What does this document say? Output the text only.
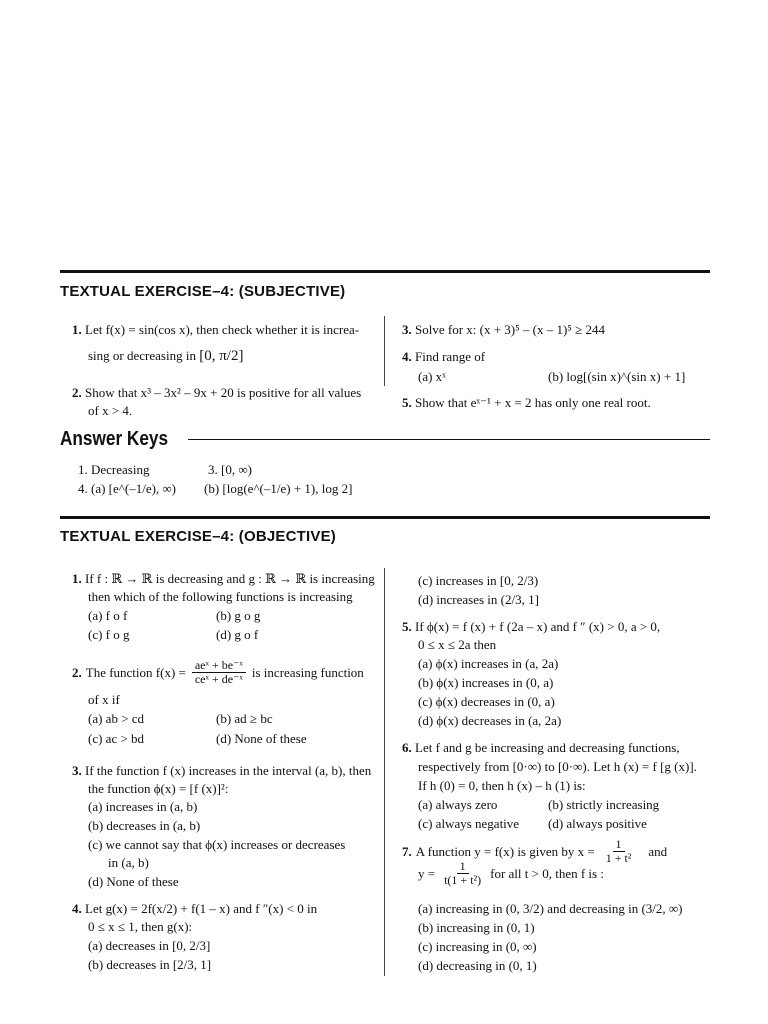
TEXTUAL EXERCISE–4: (SUBJECTIVE)
1. Let f(x) = sin(cos x), then check whether it is increa-
sing or decreasing in [0, π/2]
2. Show that x³ – 3x² – 9x + 20 is positive for all values
of x > 4.
3. Solve for x: (x + 3)⁵ – (x – 1)⁵ ≥ 244
4. Find range of
(a) xˣ	(b) log[(sin x)^(sin x) + 1]
5. Show that eˣ⁻¹ + x = 2 has only one real root.
Answer Keys
1. Decreasing	3. [0, ∞)
4. (a) [e^(–1/e), ∞) (b) [log(e^(–1/e) + 1), log 2]
TEXTUAL EXERCISE–4: (OBJECTIVE)
1. If f : ℝ → ℝ is decreasing and g : ℝ → ℝ is increasing
then which of the following functions is increasing
(a) f o f	(b) g o g
(c) f o g	(d) g o f
2. The function $f(x) = \frac{\text{aeˣ + be⁻ˣ}}{\text{ceˣ + de⁻ˣ}}$ is increasing function
of x if
(a) ab > cd	(b) ad ≥ bc
(c) ac > bd	(d) None of these
3. If the function f (x) increases in the interval (a, b), then
the function ϕ(x) = [f (x)]²:
(a) increases in (a, b)
(b) decreases in (a, b)
(c) we cannot say that ϕ(x) increases or decreases
in (a, b)
(d) None of these
4. Let g(x) = 2f(x/2) + f(1 – x) and f ″(x) < 0 in
0 ≤ x ≤ 1, then g(x):
(a) decreases in [0, 2/3]
(b) decreases in [2/3, 1]
(c) increases in [0, 2/3)
(d) increases in (2/3, 1]
5. If ϕ(x) = f (x) + f (2a – x) and f ″ (x) > 0, a > 0,
0 ≤ x ≤ 2a then
(a) ϕ(x) increases in (a, 2a)
(b) ϕ(x) increases in (0, a)
(c) ϕ(x) decreases in (0, a)
(d) ϕ(x) decreases in (a, 2a)
6. Let f and g be increasing and decreasing functions,
respectively from [0·∞) to [0·∞). Let h (x) = f [g (x)].
If h (0) = 0, then h (x) – h (1) is:
(a) always zero	(b) strictly increasing
(c) always negative (d) always positive
7. A function y = f(x) is given by $x = \frac{1}{\text{1 + t²}}$ and
$y = \frac{1}{\text{t(1 + t²)}}$ for all t > 0, then f is :
(a) increasing in (0, 3/2) and decreasing in (3/2, ∞)
(b) increasing in (0, 1)
(c) increasing in (0, ∞)
(d) decreasing in (0, 1)
